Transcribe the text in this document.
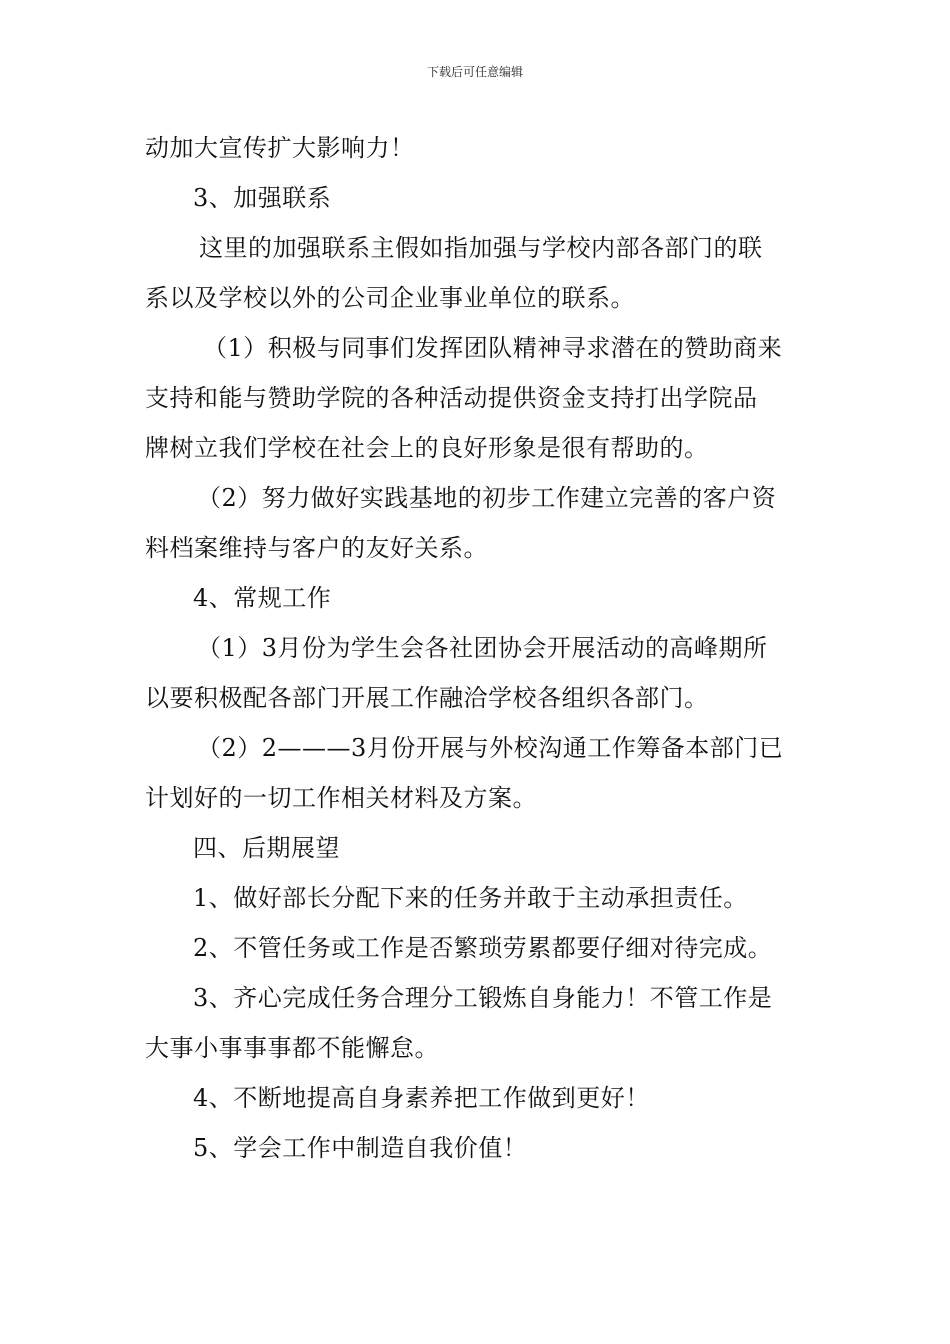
下载后可任意编辑
动加大宣传扩大影响力！
3、加强联系
这里的加强联系主假如指加强与学校内部各部门的联
系以及学校以外的公司企业事业单位的联系。
（1）积极与同事们发挥团队精神寻求潜在的赞助商来
支持和能与赞助学院的各种活动提供资金支持打出学院品
牌树立我们学校在社会上的良好形象是很有帮助的。
（2）努力做好实践基地的初步工作建立完善的客户资
料档案维持与客户的友好关系。
4、常规工作
（1）3月份为学生会各社团协会开展活动的高峰期所
以要积极配各部门开展工作融洽学校各组织各部门。
（2）2———3月份开展与外校沟通工作筹备本部门已
计划好的一切工作相关材料及方案。
四、后期展望
1、做好部长分配下来的任务并敢于主动承担责任。
2、不管任务或工作是否繁琐劳累都要仔细对待完成。
3、齐心完成任务合理分工锻炼自身能力！不管工作是
大事小事事事都不能懈怠。
4、不断地提高自身素养把工作做到更好！
5、学会工作中制造自我价值！
